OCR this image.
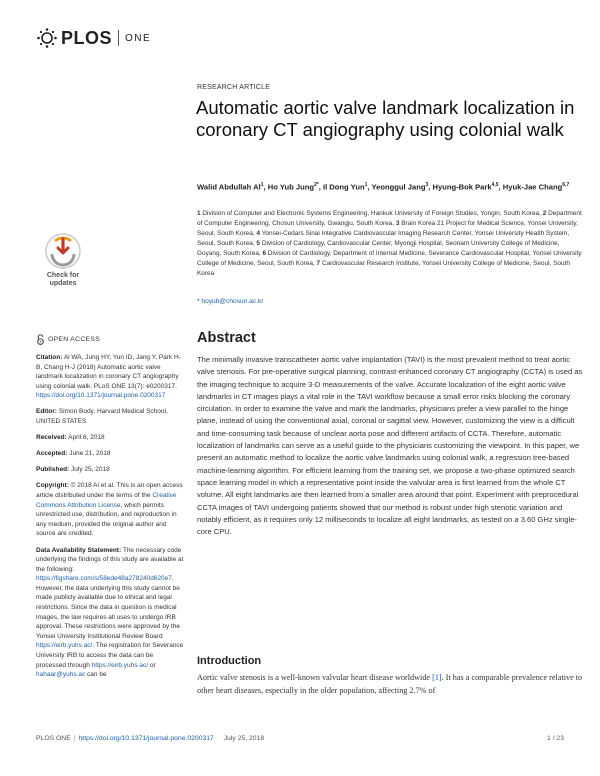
PLOS ONE
RESEARCH ARTICLE
Automatic aortic valve landmark localization in coronary CT angiography using colonial walk
Walid Abdullah Al$^1$, Ho Yub Jung$^{2*}$, Il Dong Yun$^1$, Yeonggul Jang$^3$, Hyung-Bok Park$^{4,5}$, Hyuk-Jae Chang$^{6,7}$
1 Division of Computer and Electronic Systems Engineering, Hankuk University of Foreign Studies, Yongin, South Korea, 2 Department of Computer Engineering, Chosun University, Gwangju, South Korea, 3 Brain Korea 21 Project for Medical Science, Yonsei University, Seoul, South Korea, 4 Yonsei-Cedars Sinai Integrative Cardiovascular Imaging Research Center, Yonsei University Health System, Seoul, South Korea, 5 Division of Cardiology, Cardiovascular Center, Myongji Hospital, Seonam University College of Medicine, Goyang, South Korea, 6 Division of Cardiology, Department of Internal Medicine, Severance Cardiovascular Hospital, Yonsei University College of Medicine, Seoul, South Korea, 7 Cardiovascular Research Institute, Yonsei University College of Medicine, Seoul, South Korea
* hoyub@chosun.ac.kr
Abstract

The minimally invasive transcatheter aortic valve implantation (TAVI) is the most prevalent method to treat aortic valve stenosis. For pre-operative surgical planning, contrast-enhanced coronary CT angiography (CCTA) is used as the imaging technique to acquire 3-D measurements of the valve. Accurate localization of the eight aortic valve landmarks in CT images plays a vital role in the TAVI workflow because a small error risks blocking the coronary circulation. In order to examine the valve and mark the landmarks, physicians prefer a view parallel to the hinge plane, instead of using the conventional axial, coronal or sagittal view. However, customizing the view is a difficult and time-consuming task because of unclear aorta pose and different artifacts of CCTA. Therefore, automatic localization of landmarks can serve as a useful guide to the physicians customizing the viewpoint. In this paper, we present an automatic method to localize the aortic valve landmarks using colonial walk, a regression tree-based machine-learning algorithm. For efficient learning from the training set, we propose a two-phase optimized search space learning model in which a representative point inside the valvular area is first learned from the whole CT volume. All eight landmarks are then learned from a smaller area around that point. Experiment with preprocedural CCTA images of TAVI undergoing patients showed that our method is robust under high stenotic variation and notably efficient, as it requires only 12 milliseconds to localize all eight landmarks, as tested on a 3.60 GHz single-core CPU.

Introduction

Aortic valve stenosis is a well-known valvular heart disease worldwide [1]. It has a comparable prevalence relative to other heart diseases, especially in the older population, affecting 2.7% of

Check for
updates
OPEN ACCESS
Citation: Al WA, Jung HY, Yun ID, Jang Y, Park H-B, Chang H-J (2018) Automatic aortic valve landmark localization in coronary CT angiography using colonial walk. PLoS ONE 13(7): e0200317. https://doi.org/10.1371/journal.pone.0200317
Editor: Simon Body, Harvard Medical School, UNITED STATES
Received: April 6, 2018
Accepted: June 21, 2018
Published: July 25, 2018
Copyright: © 2018 Al et al. This is an open access article distributed under the terms of the Creative Commons Attribution License, which permits unrestricted use, distribution, and reproduction in any medium, provided the original author and source are credited.
Data Availability Statement: The necessary code underlying the findings of this study are available at the following: https://figshare.com/s/58ede48a278240d620e7. However, the data underlying this study cannot be made publicly available due to ethical and legal restrictions. Since the data in question is medical images, the law requires all uses to undergo IRB approval. These restrictions were approved by the Yonsei University Institutional Review Board https://eirb.yuhs.ac/. The registration for Severance University IRB to access the data can be processed through https://eirb.yuhs.ac/ or hahaar@yuhs.ac can be
PLOS ONE | https://doi.org/10.1371/journal.pone.0200317 July 25, 2018	1 / 23
